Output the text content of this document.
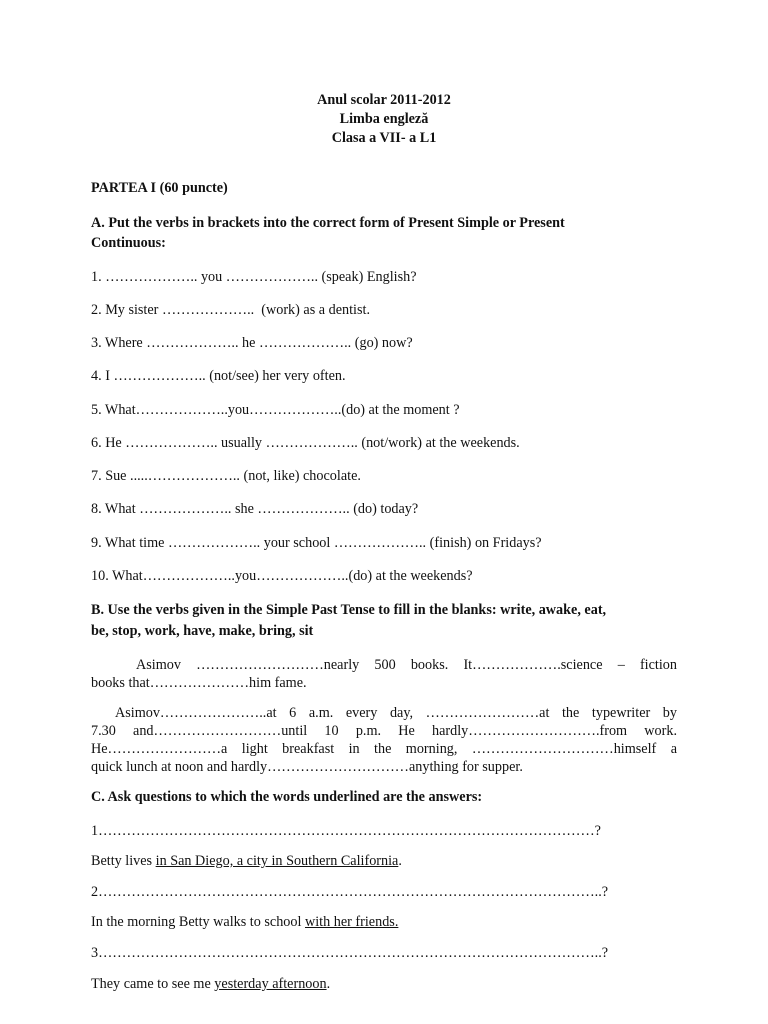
Anul scolar 2011-2012
Limba engleză
Clasa a VII- a L1
PARTEA I (60 puncte)
A. Put the verbs in brackets into the correct form of Present Simple or Present
Continuous:
1. ……………….. you ……………….. (speak) English?
2. My sister ………………..  (work) as a dentist.
3. Where ……………….. he ……………….. (go) now?
4. I ……………….. (not/see) her very often.
5. What………………..you………………..(do) at the moment ?
6. He ……………….. usually ……………….. (not/work) at the weekends.
7. Sue .....……………….. (not, like) chocolate.
8. What ……………….. she ……………….. (do) today?
9. What time ……………….. your school ……………….. (finish) on Fridays?
10. What………………..you………………..(do) at the weekends?
B. Use the verbs given in the Simple Past Tense to fill in the blanks: write, awake, eat,
be, stop, work, have, make, bring, sit
Asimov ………………………nearly 500 books. It……………….science – fiction
books that…………………him fame.
Asimov…………………..at 6 a.m. every day, ……………………at the typewriter by
7.30 and………………………until 10 p.m. He hardly……………………….from work.
He……………………a light breakfast in the morning, …………………………himself a
quick lunch at noon and hardly…………………………anything for supper.
C. Ask questions to which the words underlined are the answers:
1……………………………………………………………………………………………?
Betty lives in San Diego, a city in Southern California.
2……………………………………………………………………………………………..?
In the morning Betty walks to school with her friends.
3……………………………………………………………………………………………..?
They came to see me yesterday afternoon.
